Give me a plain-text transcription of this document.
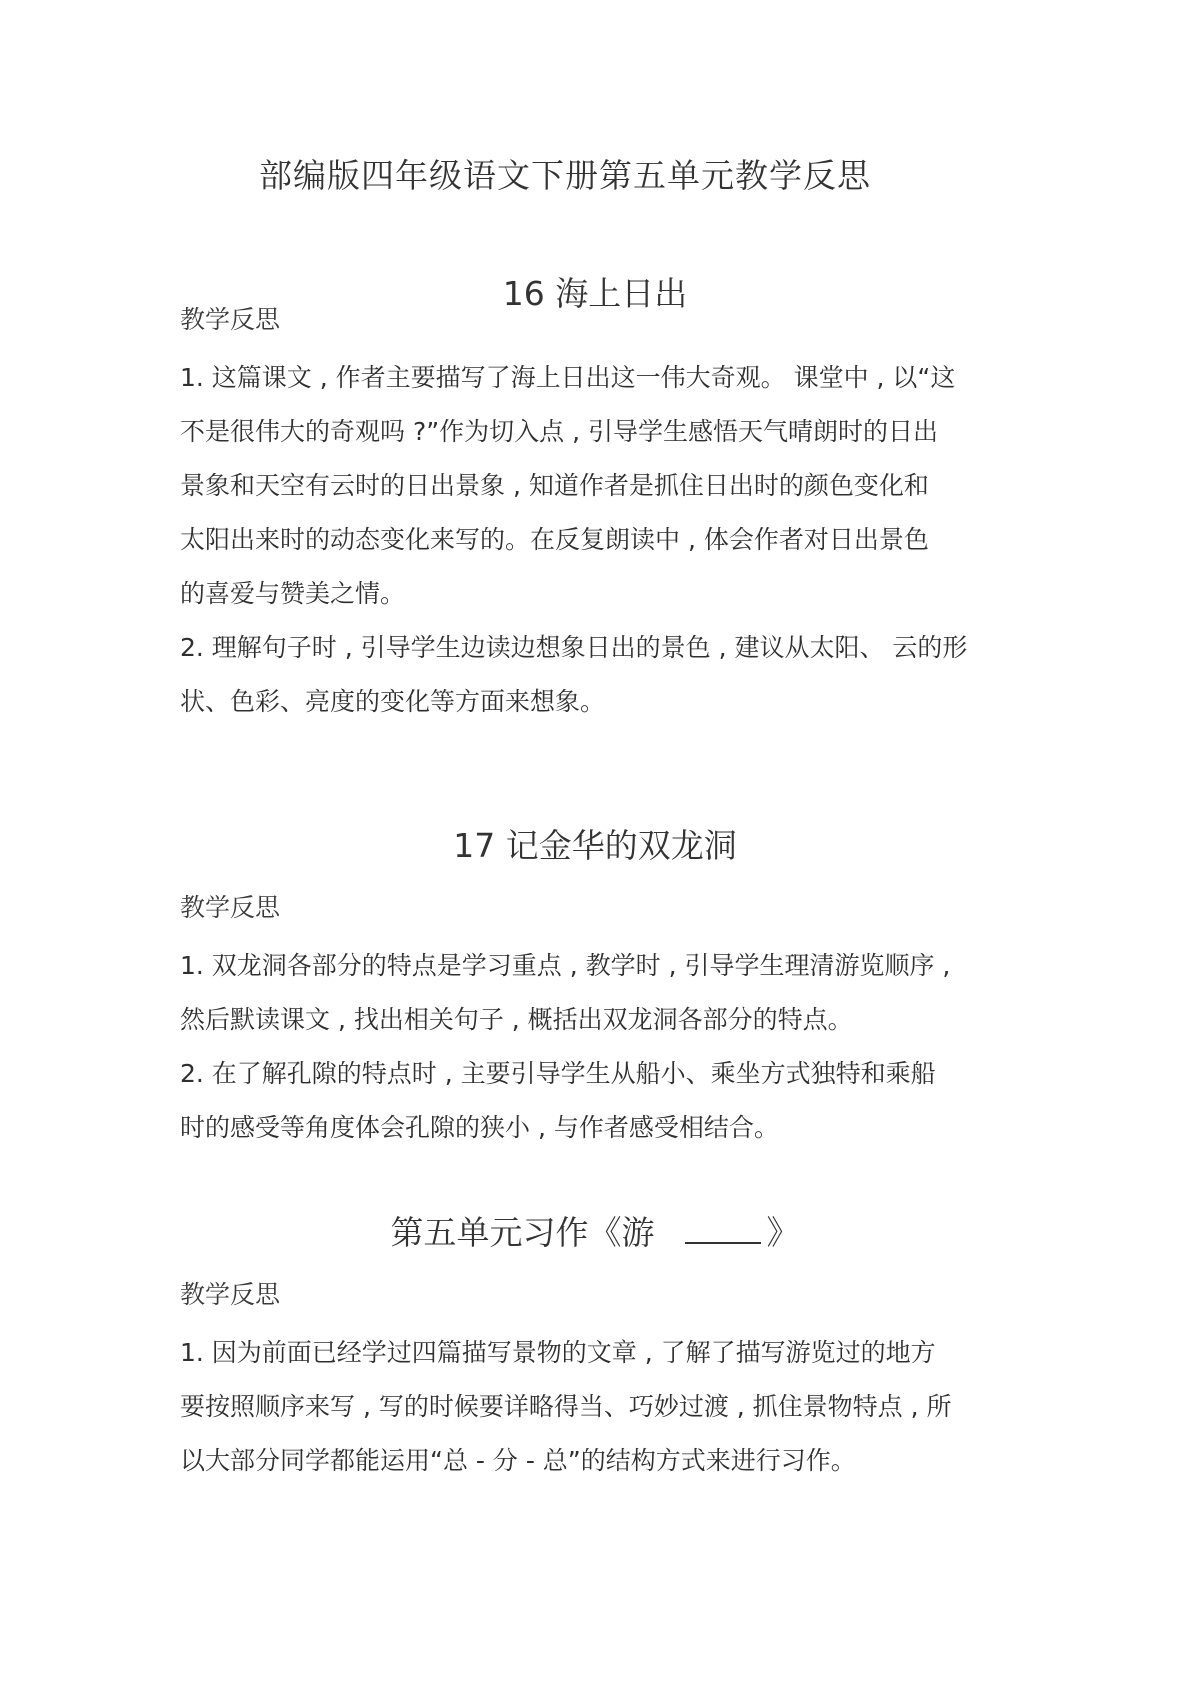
部编版四年级语文下册第五单元教学反思
16 海上日出
教学反思
1. 这篇课文 , 作者主要描写了海上日出这一伟大奇观。 课堂中 , 以“这
不是很伟大的奇观吗 ?”作为切入点 , 引导学生感悟天气晴朗时的日出
景象和天空有云时的日出景象 , 知道作者是抓住日出时的颜色变化和
太阳出来时的动态变化来写的。在反复朗读中 , 体会作者对日出景色
的喜爱与赞美之情。
2. 理解句子时 , 引导学生边读边想象日出的景色 , 建议从太阳、 云的形
状、色彩、亮度的变化等方面来想象。
17 记金华的双龙洞
教学反思
1. 双龙洞各部分的特点是学习重点 , 教学时 , 引导学生理清游览顺序 ,
然后默读课文 , 找出相关句子 , 概括出双龙洞各部分的特点。
2. 在了解孔隙的特点时 , 主要引导学生从船小、乘坐方式独特和乘船
时的感受等角度体会孔隙的狭小 , 与作者感受相结合。
第五单元习作《游	》
教学反思
1. 因为前面已经学过四篇描写景物的文章 , 了解了描写游览过的地方
要按照顺序来写 , 写的时候要详略得当、巧妙过渡 , 抓住景物特点 , 所
以大部分同学都能运用“总 - 分 - 总”的结构方式来进行习作。
